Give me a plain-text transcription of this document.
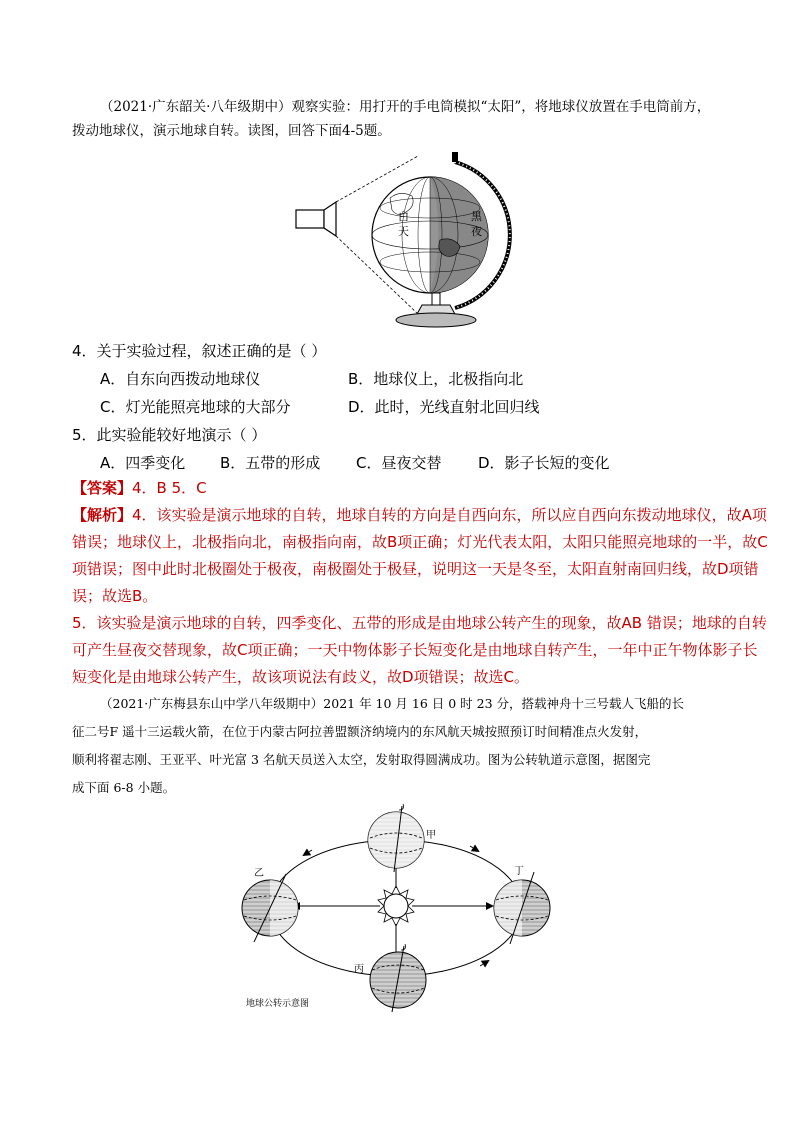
（2021·广东韶关·八年级期中）观察实验：用打开的手电筒模拟“太阳”，将地球仪放置在手电筒前方，
拨动地球仪，演示地球自转。读图，回答下面4-5题。
白
天
黑
夜
4．关于实验过程，叙述正确的是（ ）
A．自东向西拨动地球仪	B．地球仪上，北极指向北
C．灯光能照亮地球的大部分	D．此时，光线直射北回归线
5．此实验能较好地演示（ ）
A．四季变化 B．五带的形成 C．昼夜交替 D．影子长短的变化
【答案】4．B 5．C
【解析】4．该实验是演示地球的自转，地球自转的方向是自西向东，所以应自西向东拨动地球仪，故A项
错误；地球仪上，北极指向北，南极指向南，故B项正确；灯光代表太阳，太阳只能照亮地球的一半，故C
项错误；图中此时北极圈处于极夜，南极圈处于极昼，说明这一天是冬至，太阳直射南回归线，故D项错
误；故选B。
5．该实验是演示地球的自转，四季变化、五带的形成是由地球公转产生的现象，故AB 错误；地球的自转
可产生昼夜交替现象，故C项正确；一天中物体影子长短变化是由地球自转产生，一年中正午物体影子长
短变化是由地球公转产生，故该项说法有歧义，故D项错误；故选C。
（2021·广东梅县东山中学八年级期中）2021 年 10 月 16 日 0 时 23 分，搭载神舟十三号载人飞船的长
征二号F 遥十三运载火箭，在位于内蒙古阿拉善盟额济纳境内的东风航天城按照预订时间精准点火发射，
顺利将翟志刚、王亚平、叶光富 3 名航天员送入太空，发射取得圆满成功。图为公转轨道示意图，据图完
成下面 6-8 小题。
甲
乙
丙
丁
地球公转示意图
